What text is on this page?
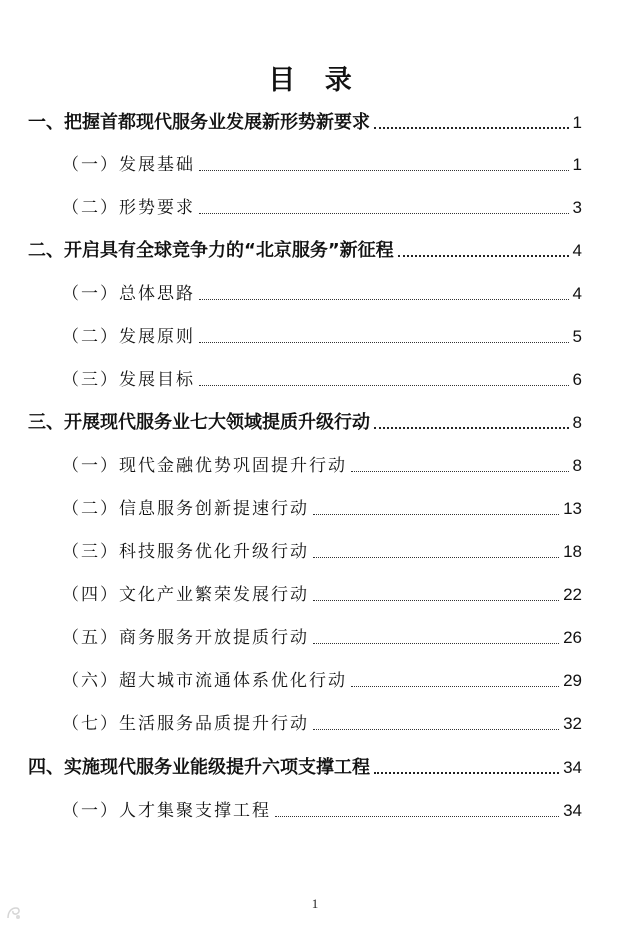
目 录
一、把握首都现代服务业发展新形势新要求	1
（一）发展基础	1
（二）形势要求	3
二、开启具有全球竞争力的“北京服务”新征程	4
（一）总体思路	4
（二）发展原则	5
（三）发展目标	6
三、开展现代服务业七大领域提质升级行动	8
（一）现代金融优势巩固提升行动	8
（二）信息服务创新提速行动	13
（三）科技服务优化升级行动	18
（四）文化产业繁荣发展行动	22
（五）商务服务开放提质行动	26
（六）超大城市流通体系优化行动	29
（七）生活服务品质提升行动	32
四、实施现代服务业能级提升六项支撑工程	34
（一）人才集聚支撑工程	34
1
